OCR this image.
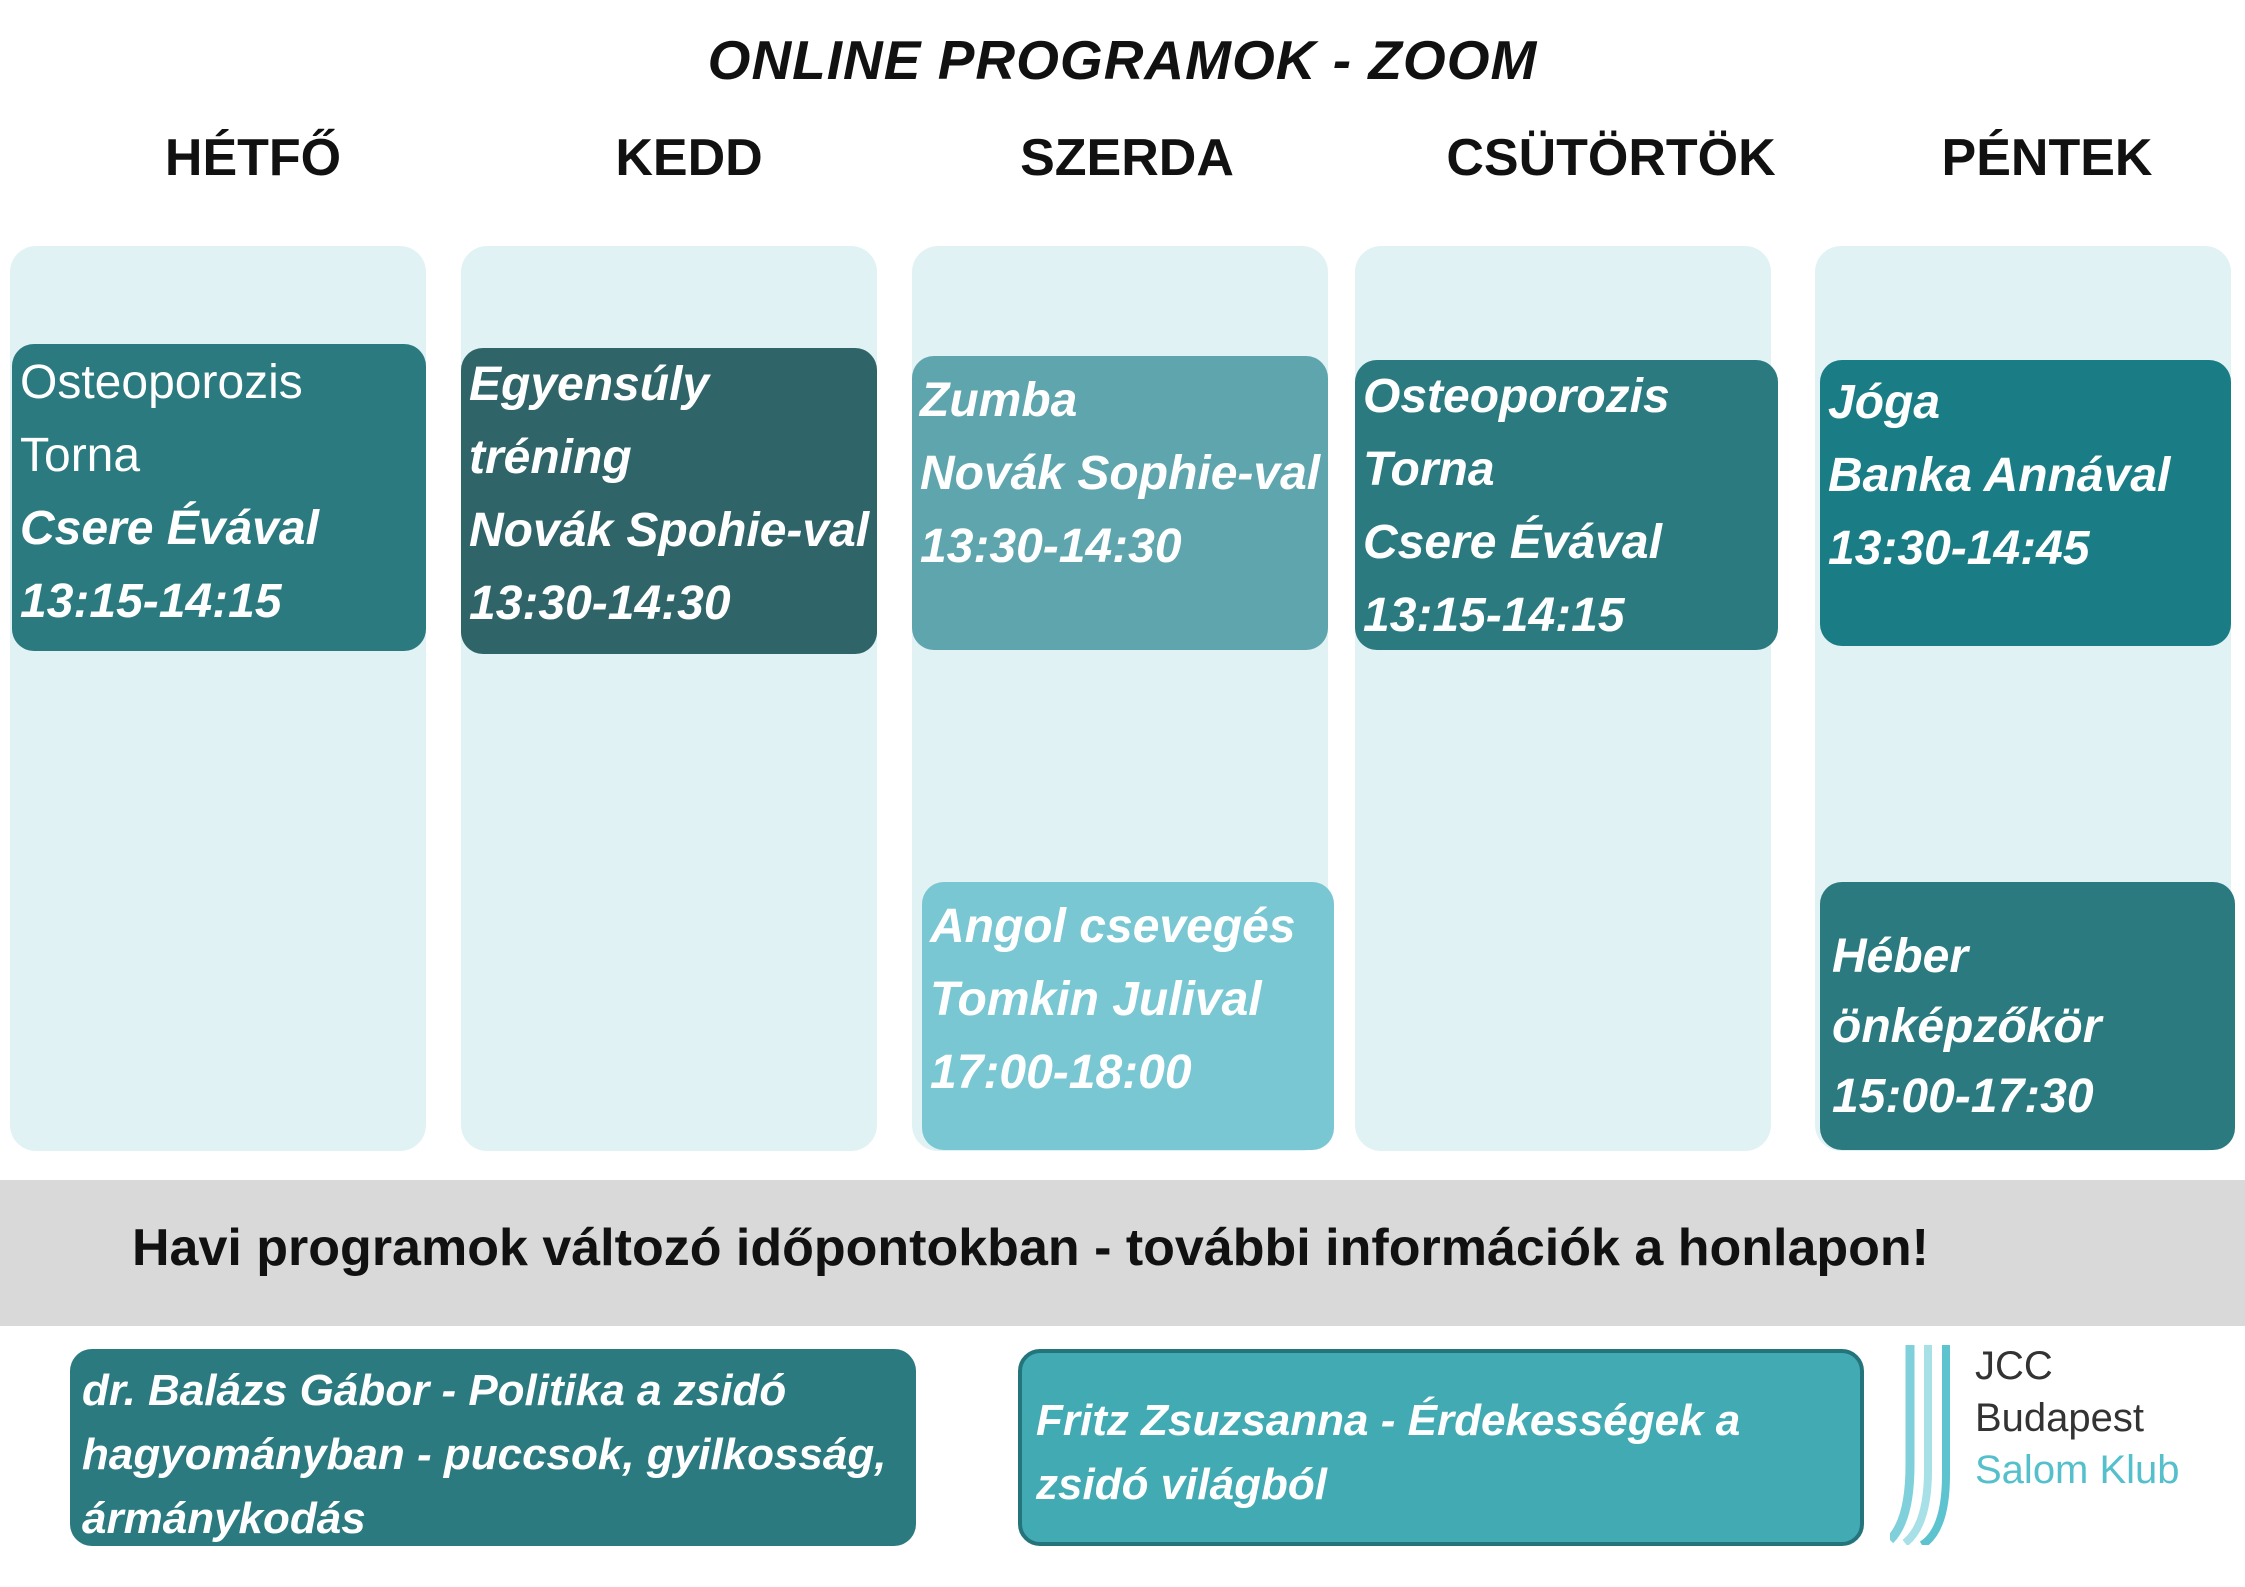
ONLINE PROGRAMOK - ZOOM
HÉTFŐ	KEDD	SZERDA	CSÜTÖRTÖK	PÉNTEK
Osteoporozis
Torna
Csere Évával
13:15-14:15
Egyensúly
tréning
Novák Spohie-val
13:30-14:30
Zumba
Novák Sophie-val
13:30-14:30
Angol csevegés
Tomkin Julival
17:00-18:00
Osteoporozis
Torna
Csere Évával
13:15-14:15
Jóga
Banka Annával
13:30-14:45
Héber
önképzőkör
15:00-17:30
Havi programok változó időpontokban - további információk a honlapon!
dr. Balázs Gábor - Politika a zsidó
hagyományban - puccsok, gyilkosság,
ármánykodás
Fritz Zsuzsanna - Érdekességek a
zsidó világból
JCC
Budapest
Salom Klub
